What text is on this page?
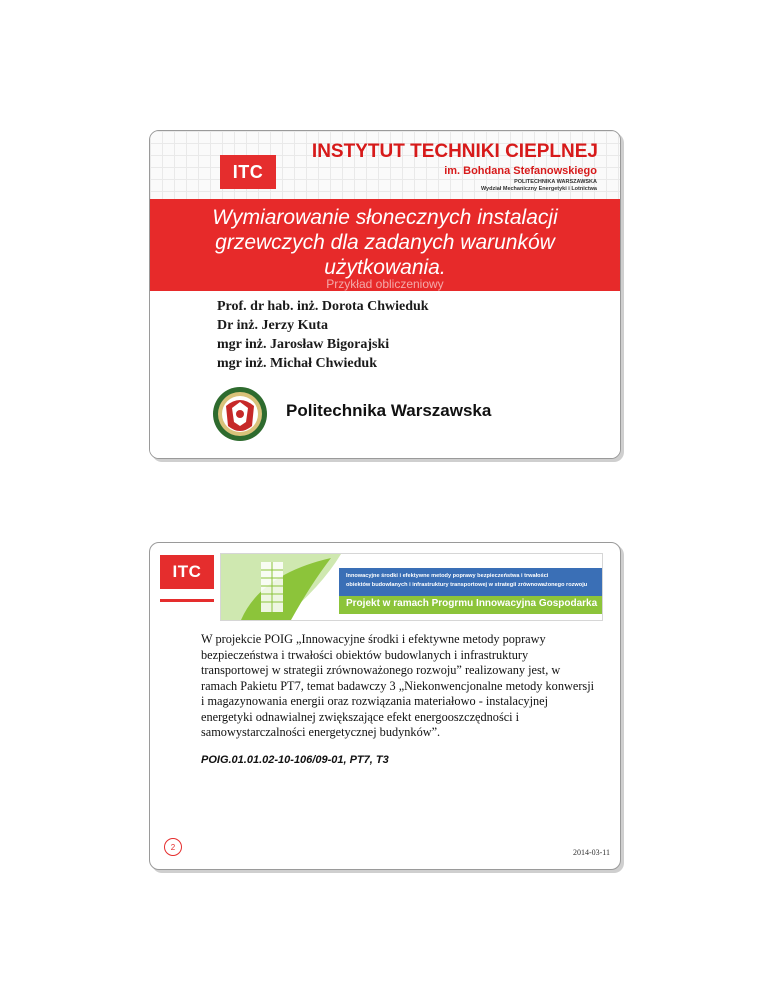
ITC
INSTYTUT TECHNIKI CIEPLNEJ
im. Bohdana Stefanowskiego
POLITECHNIKA WARSZAWSKA
Wydział Mechaniczny Energetyki i Lotnictwa
Wymiarowanie słonecznych instalacji
grzewczych dla zadanych warunków
użytkowania.
Przykład obliczeniowy
Prof. dr hab. inż. Dorota Chwieduk
Dr inż. Jerzy Kuta
mgr inż. Jarosław Bigorajski
mgr inż. Michał Chwieduk
Politechnika Warszawska
ITC	Innowacyjne środki i efektywne metody poprawy bezpieczeństwa i trwałości
obiektów budowlanych i infrastruktury transportowej w strategii zrównoważonego rozwoju
Projekt w ramach Progrmu Innowacyjna Gospodarka
W projekcie POIG „Innowacyjne środki i efektywne metody poprawy bezpieczeństwa i trwałości obiektów budowlanych i infrastruktury transportowej w strategii zrównoważonego rozwoju” realizowany jest, w ramach Pakietu PT7, temat badawczy 3 „Niekonwencjonalne metody konwersji i magazynowania energii oraz rozwiązania materiałowo - instalacyjnej energetyki odnawialnej zwiększające efekt energooszczędności i samowystarczalności energetycznej budynków”.
POIG.01.01.02-10-106/09-01, PT7, T3
2
2014-03-11
